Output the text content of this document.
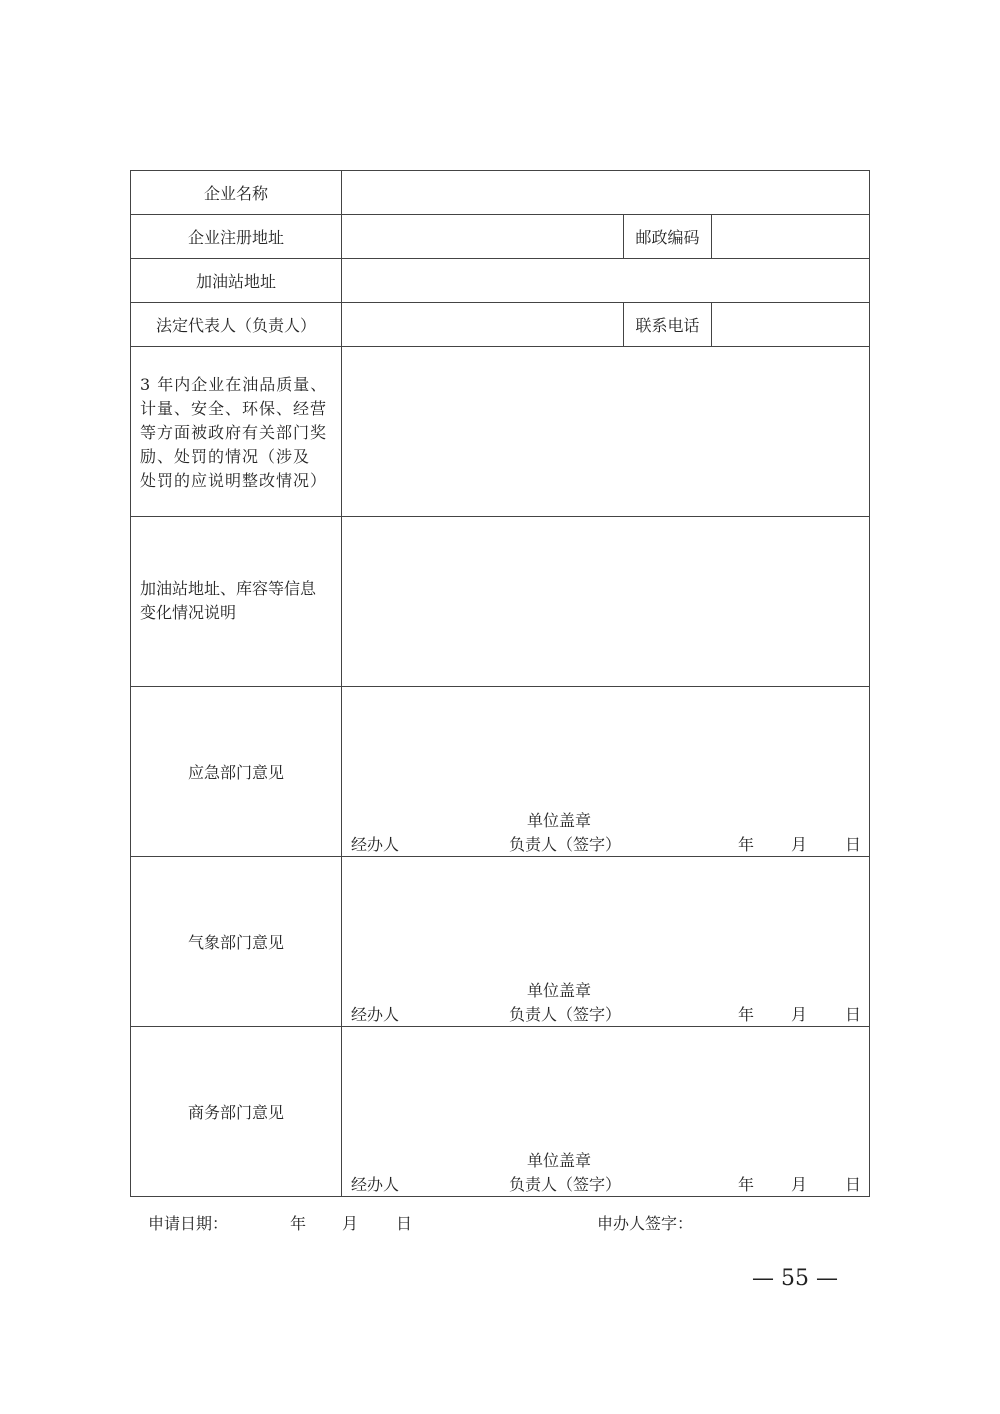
企业名称
企业注册地址	邮政编码
加油站地址
法定代表人（负责人）	联系电话
3 年内企业在油品质量、
计量、安全、环保、经营
等方面被政府有关部门奖
励、处罚的情况（涉及
处罚的应说明整改情况）
加油站地址、库容等信息
变化情况说明
应急部门意见
单位盖章
经办人	负责人（签字）	年 月 日
气象部门意见
单位盖章
经办人	负责人（签字）	年 月 日
商务部门意见
单位盖章
经办人	负责人（签字）	年 月 日
申请日期：	年 月 日	申办人签字：
— 55 —
